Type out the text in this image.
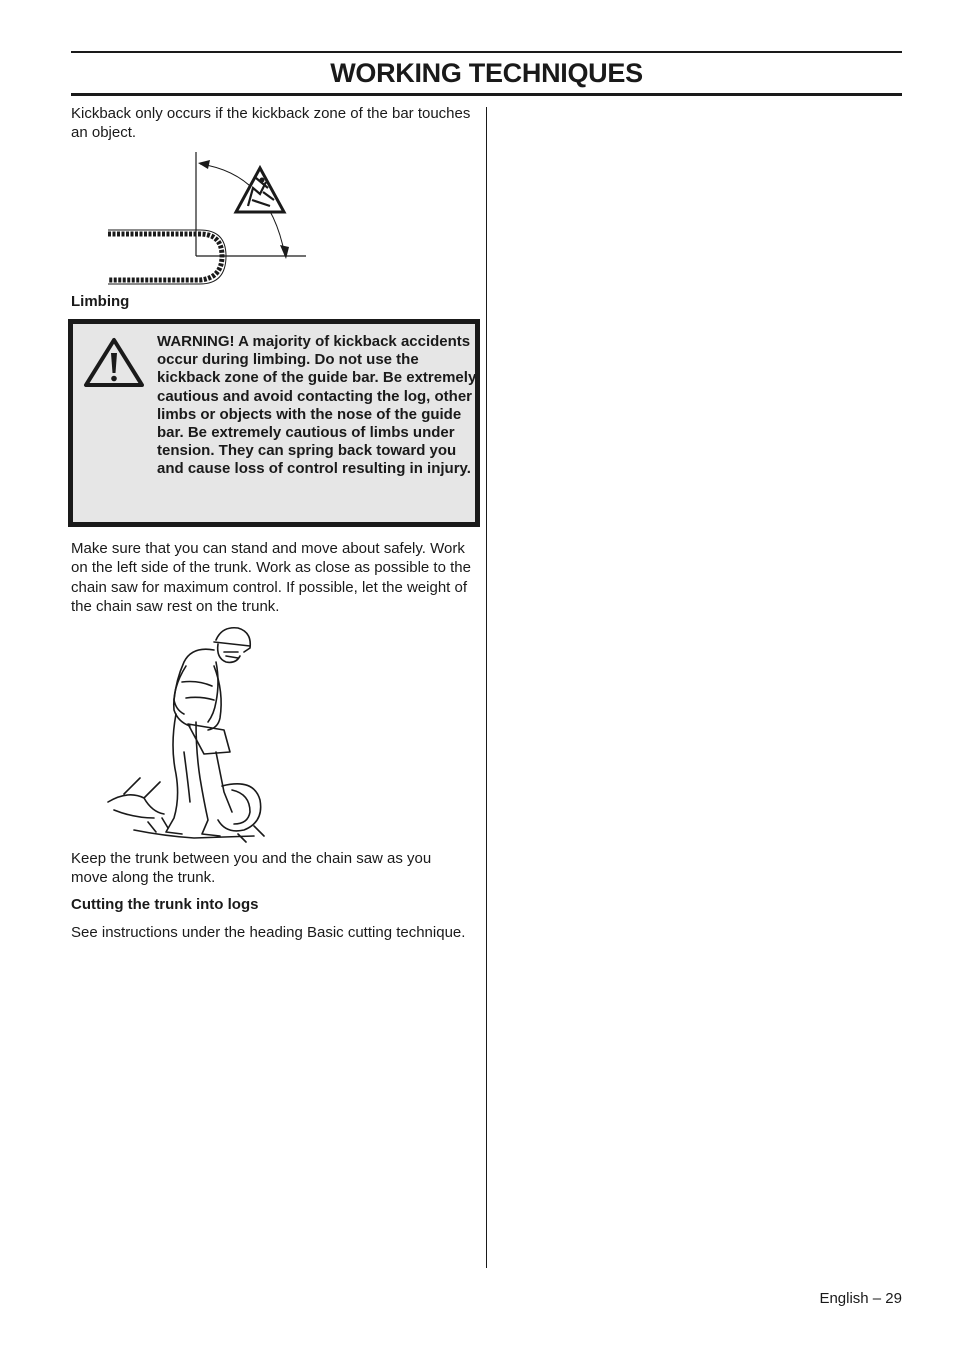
WORKING TECHNIQUES

Kickback only occurs if the kickback zone of the bar touches an object.

Limbing

WARNING! A majority of kickback accidents occur during limbing. Do not use the kickback zone of the guide bar. Be extremely cautious and avoid contacting the log, other limbs or objects with the nose of the guide bar. Be extremely cautious of limbs under tension. They can spring back toward you and cause loss of control resulting in injury.

Make sure that you can stand and move about safely. Work on the left side of the trunk. Work as close as possible to the chain saw for maximum control. If possible, let the weight of the chain saw rest on the trunk.

Keep the trunk between you and the chain saw as you move along the trunk.

Cutting the trunk into logs

See instructions under the heading Basic cutting technique.

English – 29
